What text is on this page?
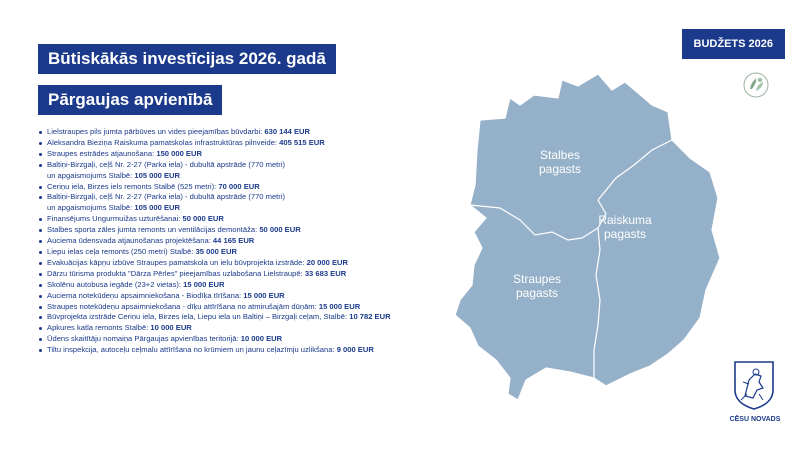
Būtiskākās investīcijas 2026. gadā
Pārgaujas apvienībā
BUDŽETS 2026
Lielstraupes pils jumta pārbūves un vides pieejamības būvdarbi: 630 144 EUR
Aleksandra Bieziņa Raiskuma pamatskolas infrastruktūras pilnveide: 405 515 EUR
Straupes estrādes atjaunošana: 150 000 EUR
Baltiņi-Birzgaļi, ceļš Nr. 2-27 (Parka iela) - dubultā apstrāde (770 metri)
un apgaismojums Stalbē: 105 000 EUR
Ceriņu iela, Birzes iels remonts Stalbē (525 metri): 70 000 EUR
Baltiņi-Birzgaļi, ceļš Nr. 2-27 (Parka iela) - dubultā apstrāde (770 metri)
un apgaismojums Stalbē: 105 000 EUR
Finansējums Ungurmuižas uzturēšanai: 50 000 EUR
Stalbes sporta zāles jumta remonts un ventilācijas demontāža: 50 000 EUR
Auciema ūdensvada atjaunošanas projektēšana: 44 165 EUR
Liepu ielas ceļa remonts (250 metri) Stalbē: 35 000 EUR
Evakuācijas kāpņu izbūve Straupes pamatskola un ielu būvprojekta izstrāde: 20 000 EUR
Dārzu tūrisma produkta "Dārza Pērles" pieejamības uzlabošana Lielstraupē: 33 683 EUR
Skolēnu autobusa iegāde (23+2 vietas): 15 000 EUR
Auciema notekūdeņu apsaimniekošana - Biodīķa tīrīšana: 15 000 EUR
Straupes notekūdeņu apsaimniekošana - dīķu attīrīšana no atmirušajām dūņām: 15 000 EUR
Būvprojekta izstrāde Ceriņu iela, Birzes iela, Liepu iela un Baltiņi – Birzgaļi ceļam, Stalbē: 10 782 EUR
Apkures katla remonts Stalbē: 10 000 EUR
Ūdens skaitītāju nomaiņa Pārgaujas apvienības teritorijā: 10 000 EUR
Tiltu inspekcija, autoceļu ceļmalu attīrīšana no krūmiem un jaunu ceļazīmju uzlikšana: 9 000 EUR
Stalbes
pagasts
Raiskuma
pagasts
Straupes
pagasts
CĒSU NOVADS
